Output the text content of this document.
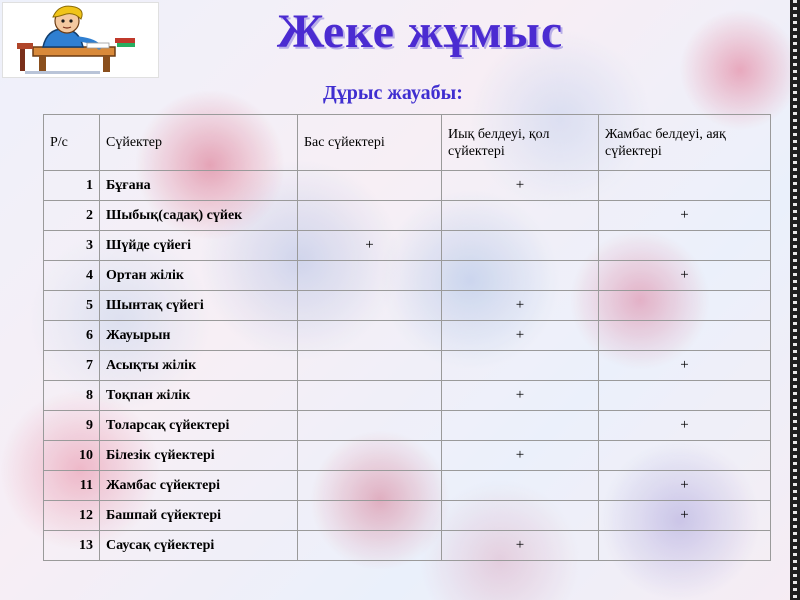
Жеке жұмыс
Дұрыс жауабы:
Р/с	Сүйектер	Бас сүйектері	Иық белдеуі, қол сүйектері	Жамбас белдеуі, аяқ сүйектері
1	Бұғана		+	
2	Шыбық(садақ) сүйек			+
3	Шүйде сүйегі	+		
4	Ортан жілік			+
5	Шынтақ сүйегі		+	
6	Жауырын		+	
7	Асықты жілік			+
8	Тоқпан жілік		+	
9	Толарсақ сүйектері			+
10	Білезік сүйектері		+	
11	Жамбас сүйектері			+
12	Башпай сүйектері			+
13	Саусақ сүйектері		+	
